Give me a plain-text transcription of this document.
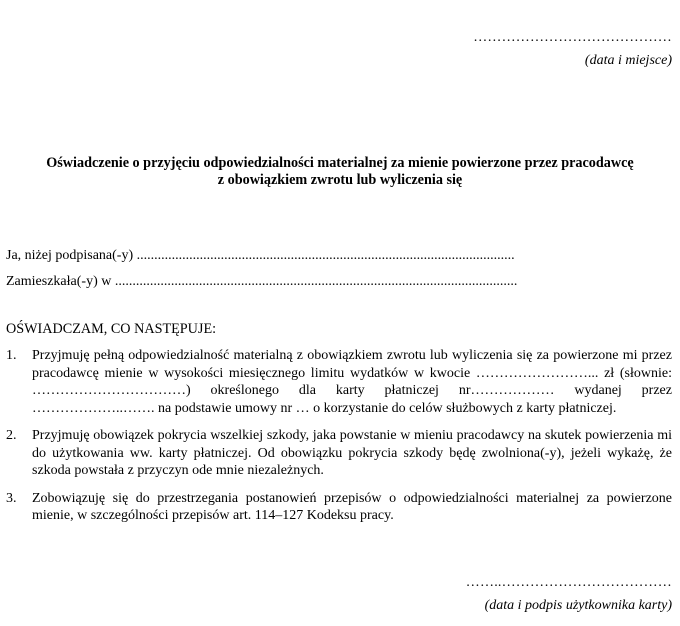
……………………………………
(data i miejsce)
Oświadczenie o przyjęciu odpowiedzialności materialnej za mienie powierzone przez pracodawcę
z obowiązkiem zwrotu lub wyliczenia się
Ja, niżej podpisana(-y) ............................................................................................................
Zamieszkała(-y) w ...................................................................................................................
OŚWIADCZAM, CO NASTĘPUJE:
1.	Przyjmuję pełną odpowiedzialność materialną z obowiązkiem zwrotu lub wyliczenia się za powierzone mi przez pracodawcę mienie w wysokości miesięcznego limitu wydatków w kwocie ……………………... zł (słownie: ……………………………) określonego dla karty płatniczej nr……………… wydanej przez ………………..……. na podstawie umowy nr … o korzystanie do celów służbowych z karty płatniczej.
2.	Przyjmuję obowiązek pokrycia wszelkiej szkody, jaka powstanie w mieniu pracodawcy na skutek powierzenia mi do użytkowania ww. karty płatniczej. Od obowiązku pokrycia szkody będę zwolniona(-y), jeżeli wykażę, że szkoda powstała z przyczyn ode mnie niezależnych.
3.	Zobowiązuję się do przestrzegania postanowień przepisów o odpowiedzialności materialnej za powierzone mienie, w szczególności przepisów art. 114–127 Kodeksu pracy.
……..………………………………
(data i podpis użytkownika karty)
